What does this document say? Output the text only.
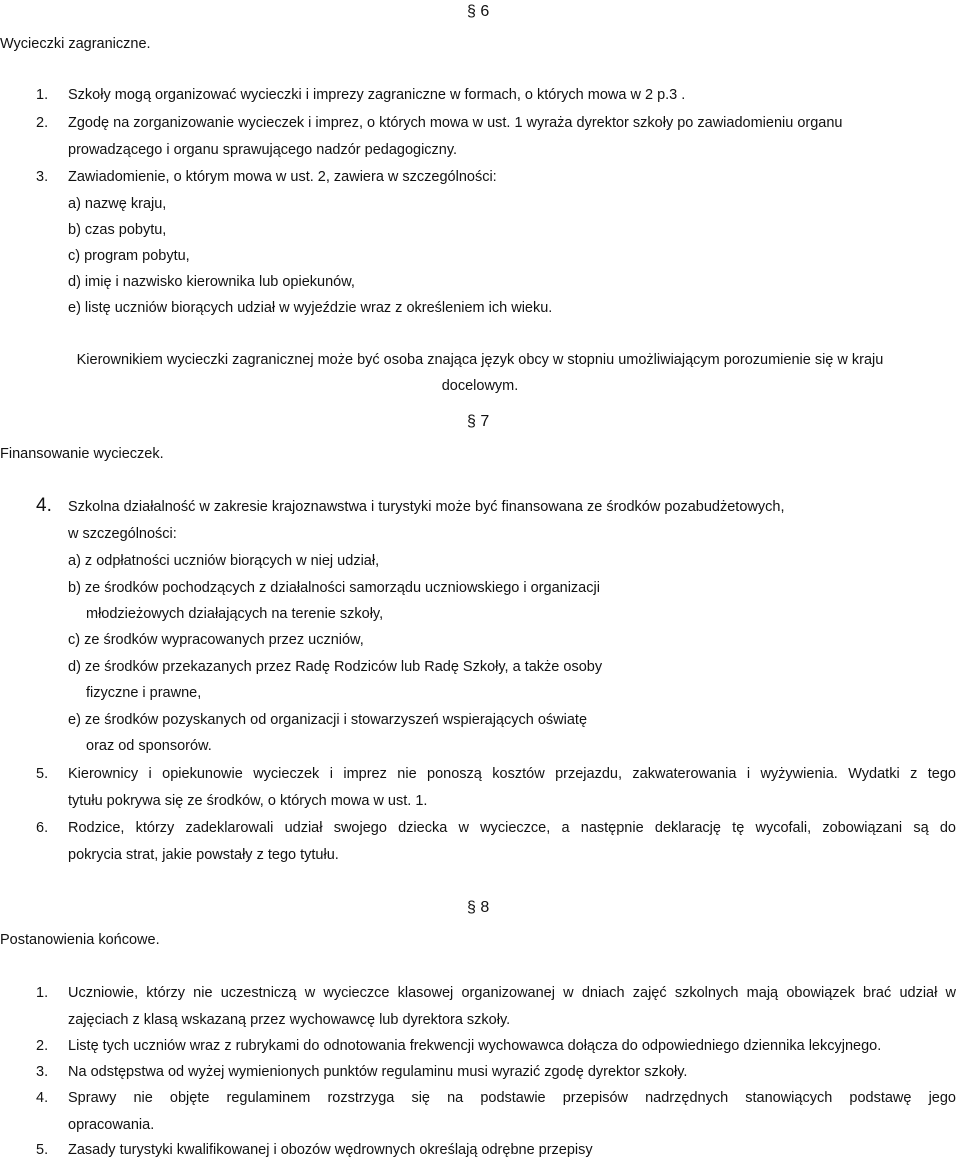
§ 6
Wycieczki zagraniczne.
1. Szkoły mogą organizować wycieczki i imprezy zagraniczne w formach, o których mowa w 2 p.3 .
2. Zgodę na zorganizowanie wycieczek i imprez, o których mowa w ust. 1 wyraża dyrektor szkoły po zawiadomieniu organu
prowadzącego i organu sprawującego nadzór pedagogiczny.
3. Zawiadomienie, o którym mowa w ust. 2, zawiera w szczególności:
a) nazwę kraju,
b) czas pobytu,
c) program pobytu,
d) imię i nazwisko kierownika lub opiekunów,
e) listę uczniów biorących udział w wyjeździe wraz z określeniem ich wieku.
Kierownikiem wycieczki zagranicznej może być osoba znająca język obcy w stopniu umożliwiającym porozumienie się w kraju
docelowym.
§ 7
Finansowanie wycieczek.
4. Szkolna działalność w zakresie krajoznawstwa i turystyki może być finansowana ze środków pozabudżetowych,
w szczególności:
a) z odpłatności uczniów biorących w niej udział,
b) ze środków pochodzących z działalności samorządu uczniowskiego i organizacji
młodzieżowych działających na terenie szkoły,
c) ze środków wypracowanych przez uczniów,
d) ze środków przekazanych przez Radę Rodziców lub Radę Szkoły, a także osoby
fizyczne i prawne,
e) ze środków pozyskanych od organizacji i stowarzyszeń wspierających oświatę
oraz od sponsorów.
5. Kierownicy i opiekunowie wycieczek i imprez nie ponoszą kosztów przejazdu, zakwaterowania i wyżywienia. Wydatki z tego
tytułu pokrywa się ze środków, o których mowa w ust. 1.
6. Rodzice, którzy zadeklarowali udział swojego dziecka w wycieczce, a następnie deklarację tę wycofali, zobowiązani są do
pokrycia strat, jakie powstały z tego tytułu.
§ 8
Postanowienia końcowe.
1. Uczniowie, którzy nie uczestniczą w wycieczce klasowej organizowanej w dniach zajęć szkolnych mają obowiązek brać udział w
zajęciach z klasą wskazaną przez wychowawcę lub dyrektora szkoły.
2. Listę tych uczniów wraz z rubrykami do odnotowania frekwencji wychowawca dołącza do odpowiedniego dziennika lekcyjnego.
3. Na odstępstwa od wyżej wymienionych punktów regulaminu musi wyrazić zgodę dyrektor szkoły.
4. Sprawy nie objęte regulaminem rozstrzyga się na podstawie przepisów nadrzędnych stanowiących podstawę jego
opracowania.
5. Zasady turystyki kwalifikowanej i obozów wędrownych określają odrębne przepisy
